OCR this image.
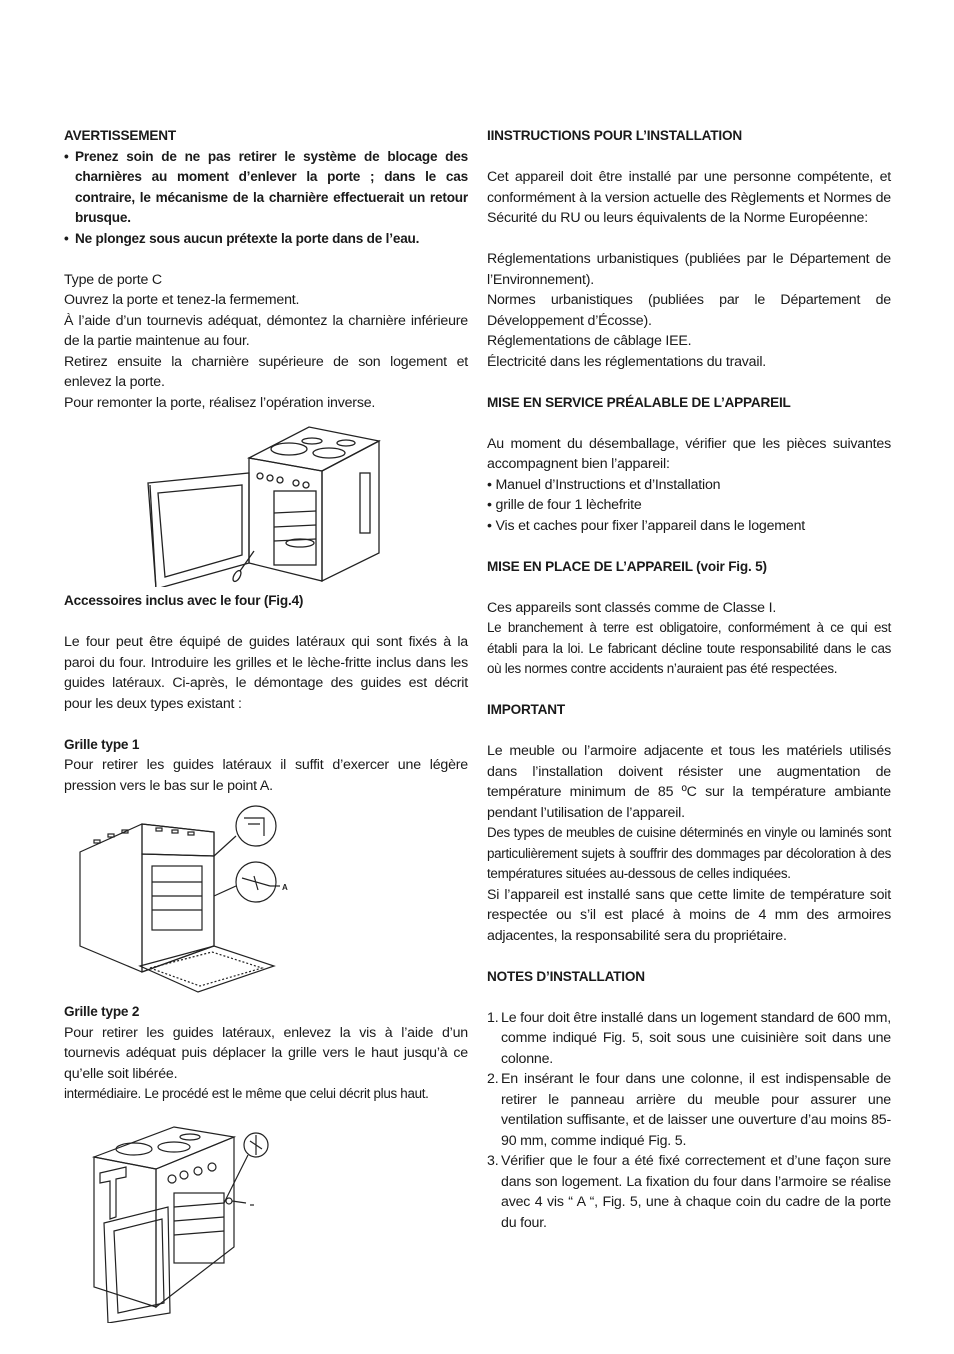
AVERTISSEMENT
• Prenez soin de ne pas retirer le système de blocage des charnières au moment d’enlever la porte ; dans le cas contraire, le mécanisme de la charnière effectuerait un retour brusque.
• Ne plongez sous aucun prétexte la porte dans de l’eau.

Type de porte C

Ouvrez la porte et tenez-la fermement.

À l’aide d’un tournevis adéquat, démontez la charnière inférieure de la partie maintenue au four.

Retirez ensuite la charnière supérieure de son logement et enlevez la porte.

Pour remonter la porte, réalisez l’opération inverse.

Accessoires inclus avec le four (Fig.4)

Le four peut être équipé de guides latéraux qui sont fixés à la paroi du four. Introduire les grilles et le lèche-fritte inclus dans les guides latéraux. Ci-après, le démontage des guides est décrit pour les deux types existant :

Grille type 1

Pour retirer les guides latéraux il suffit d’exercer une légère pression vers le bas sur le point A.

A
Grille type 2

Pour retirer les guides latéraux, enlevez la vis à l’aide d’un tournevis adéquat puis déplacer la grille vers le haut jusqu’à ce qu’elle soit libérée.

intermédiaire. Le procédé est le même que celui décrit plus haut.

IINSTRUCTIONS POUR L’INSTALLATION

Cet appareil doit être installé par une personne compétente, et conformément à la version actuelle des Règlements et Normes de Sécurité du RU ou leurs équivalents de la Norme Européenne:

Réglementations urbanistiques (publiées par le Département de l’Environnement).

Normes urbanistiques (publiées par le Département de Développement d’Écosse).

Réglementations de câblage IEE.

Électricité dans les réglementations du travail.

MISE EN SERVICE PRÉALABLE DE L’APPAREIL

Au moment du désemballage, vérifier que les pièces suivantes accompagnent bien l’appareil:

• Manuel d’Instructions et d’Installation

• grille de four 1 lèchefrite

• Vis et caches pour fixer l’appareil dans le logement

MISE EN PLACE DE L’APPAREIL (voir Fig. 5)

Ces appareils sont classés comme de Classe I.

Le branchement à terre est obligatoire, conformément à ce qui est établi para la loi. Le fabricant décline toute responsabilité dans le cas où les normes contre accidents n’auraient pas été respectées.

IMPORTANT

Le meuble ou l’armoire adjacente et tous les matériels utilisés dans l’installation doivent résister une augmentation de température minimum de 85 ºC sur la température ambiante pendant l’utilisation de l’appareil.

Des types de meubles de cuisine déterminés en vinyle ou laminés sont particulièrement sujets à souffrir des dommages par décoloration à des températures situées au-dessous de celles indiquées.

Si l’appareil est installé sans que cette limite de température soit respectée ou s’il est placé à moins de 4 mm des armoires adjacentes, la responsabilité sera du propriétaire.

NOTES D’INSTALLATION
1. Le four doit être installé dans un logement standard de 600 mm, comme indiqué Fig. 5, soit sous une cuisinière soit dans une colonne.
2. En insérant le four dans une colonne, il est indispensable de retirer le panneau arrière du meuble pour assurer une ventilation suffisante, et de laisser une ouverture d’au moins 85-90 mm, comme indiqué Fig. 5.
3. Vérifier que le four a été fixé correctement et d’une façon sure dans son logement. La fixation du four dans l’armoire se réalise avec 4 vis “ A “, Fig. 5, une à chaque coin du cadre de la porte du four.
